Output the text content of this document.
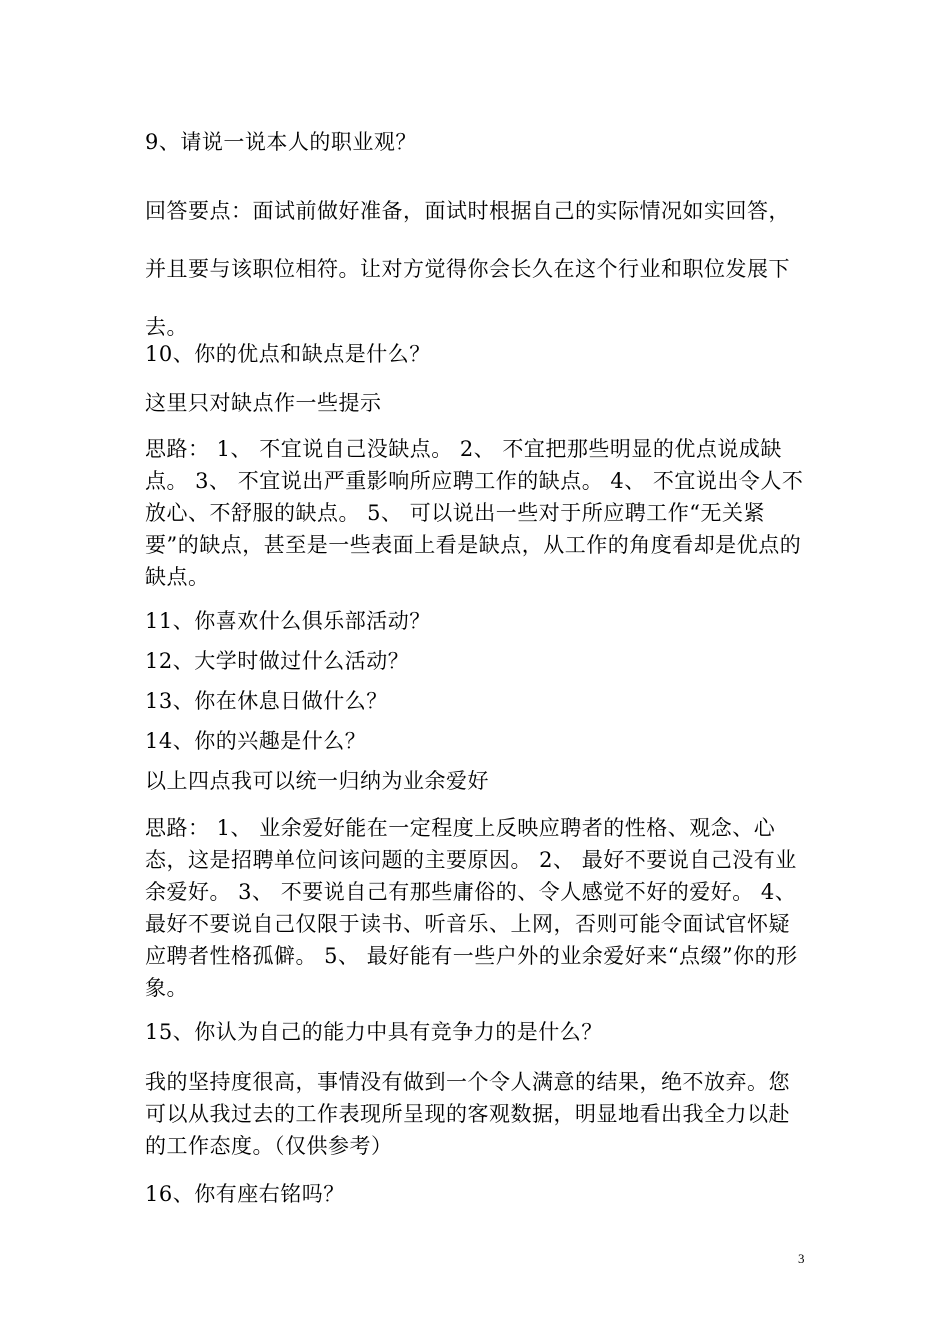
9、请说一说本人的职业观？
回答要点：面试前做好准备，面试时根据自己的实际情况如实回答，并且要与该职位相符。让对方觉得你会长久在这个行业和职位发展下去。
10、你的优点和缺点是什么？
这里只对缺点作一些提示
思路： 1、 不宜说自己没缺点。 2、 不宜把那些明显的优点说成缺点。 3、 不宜说出严重影响所应聘工作的缺点。 4、 不宜说出令人不放心、不舒服的缺点。 5、 可以说出一些对于所应聘工作“无关紧要”的缺点，甚至是一些表面上看是缺点，从工作的角度看却是优点的缺点。
11、你喜欢什么俱乐部活动？
12、大学时做过什么活动？
13、你在休息日做什么？
14、你的兴趣是什么？
以上四点我可以统一归纳为业余爱好
思路： 1、 业余爱好能在一定程度上反映应聘者的性格、观念、心态，这是招聘单位问该问题的主要原因。 2、 最好不要说自己没有业余爱好。 3、 不要说自己有那些庸俗的、令人感觉不好的爱好。 4、最好不要说自己仅限于读书、听音乐、上网，否则可能令面试官怀疑应聘者性格孤僻。 5、 最好能有一些户外的业余爱好来“点缀”你的形象。
15、你认为自己的能力中具有竞争力的是什么？
我的坚持度很高，事情没有做到一个令人满意的结果，绝不放弃。您可以从我过去的工作表现所呈现的客观数据，明显地看出我全力以赴的工作态度。（仅供参考）
16、你有座右铭吗？
3
